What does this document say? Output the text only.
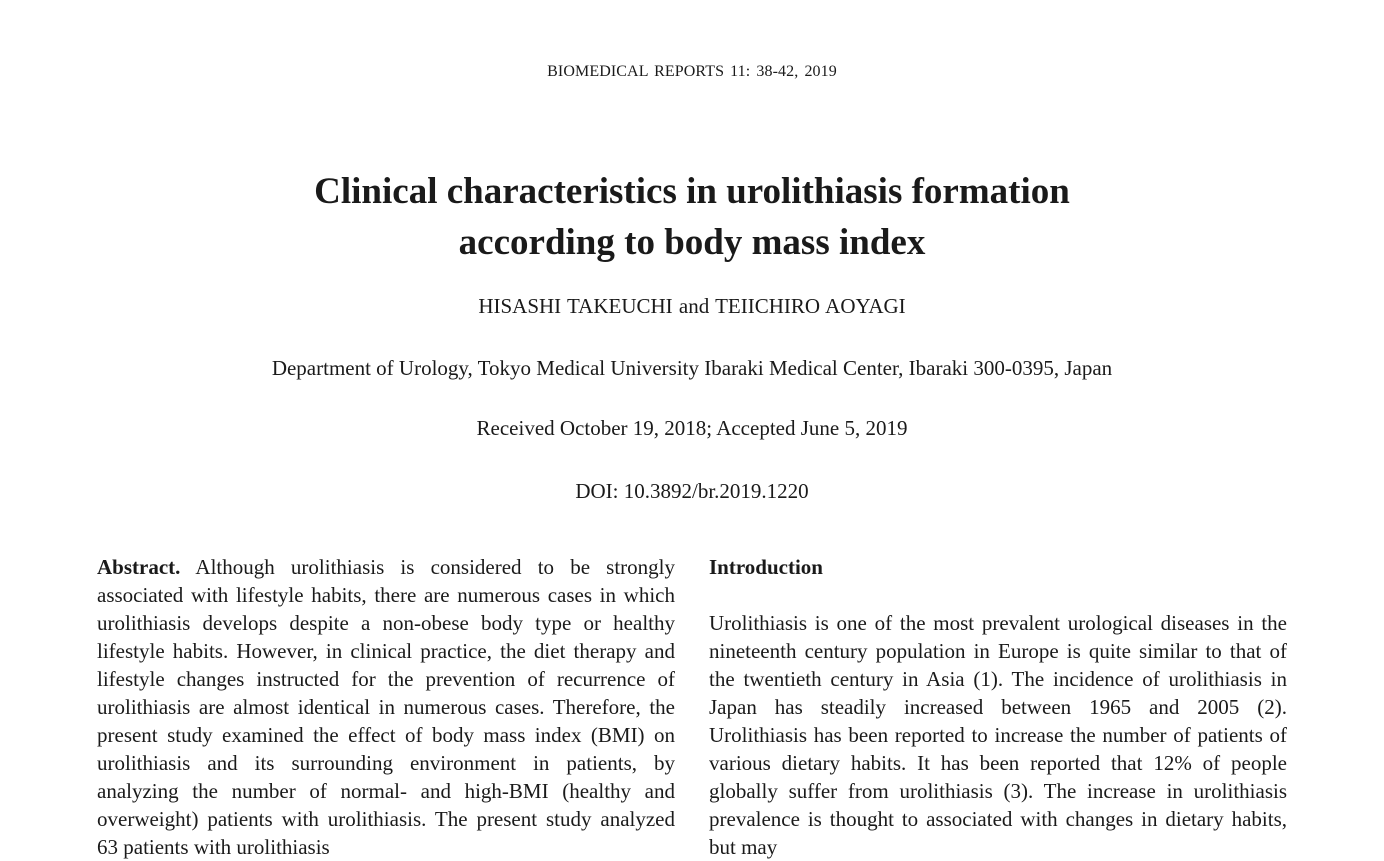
BIOMEDICAL REPORTS 11: 38-42, 2019
Clinical characteristics in urolithiasis formation
according to body mass index
HISASHI TAKEUCHI and TEIICHIRO AOYAGI
Department of Urology, Tokyo Medical University Ibaraki Medical Center, Ibaraki 300-0395, Japan
Received October 19, 2018; Accepted June 5, 2019
DOI: 10.3892/br.2019.1220

Abstract. Although urolithiasis is considered to be strongly associated with lifestyle habits, there are numerous cases in which urolithiasis develops despite a non-obese body type or healthy lifestyle habits. However, in clinical practice, the diet therapy and lifestyle changes instructed for the prevention of recurrence of urolithiasis are almost identical in numerous cases. Therefore, the present study examined the effect of body mass index (BMI) on urolithiasis and its surrounding environment in patients, by analyzing the number of normal- and high-BMI (healthy and overweight) patients with urolithiasis. The present study analyzed 63 patients with urolithiasis

Introduction

Urolithiasis is one of the most prevalent urological diseases in the nineteenth century population in Europe is quite similar to that of the twentieth century in Asia (1). The incidence of urolithiasis in Japan has steadily increased between 1965 and 2005 (2). Urolithiasis has been reported to increase the number of patients of various dietary habits. It has been reported that 12% of people globally suffer from urolithiasis (3). The increase in urolithiasis prevalence is thought to associated with changes in dietary habits, but may
